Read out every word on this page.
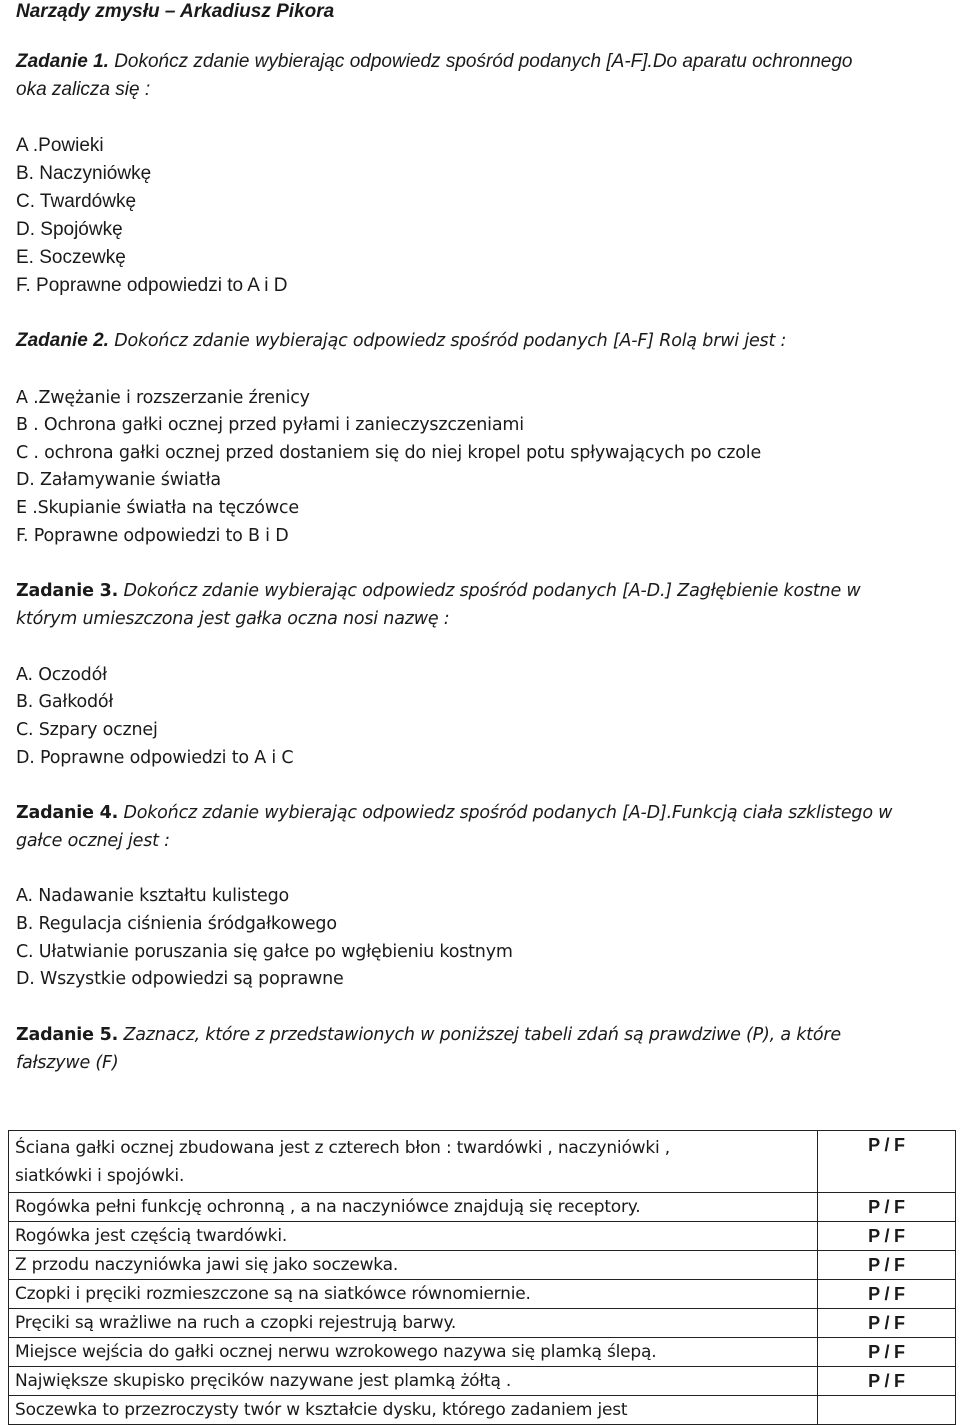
Narządy zmysłu – Arkadiusz Pikora
Zadanie 1. Dokończ zdanie wybierając odpowiedz spośród podanych [A-F].Do aparatu ochronnego
oka zalicza się :
A .Powieki
B. Naczyniówkę
C. Twardówkę
D. Spojówkę
E. Soczewkę
F. Poprawne odpowiedzi to A i D
Zadanie 2. Dokończ zdanie wybierając odpowiedz spośród podanych [A-F] Rolą brwi jest :
A .Zwężanie i rozszerzanie źrenicy
B . Ochrona gałki ocznej przed pyłami i zanieczyszczeniami
C . ochrona gałki ocznej przed dostaniem się do niej kropel potu spływających po czole
D. Załamywanie światła
E .Skupianie światła na tęczówce
F. Poprawne odpowiedzi to B i D
Zadanie 3. Dokończ zdanie wybierając odpowiedz spośród podanych [A-D.] Zagłębienie kostne w
którym umieszczona jest gałka oczna nosi nazwę :
A. Oczodół
B. Gałkodół
C. Szpary ocznej
D. Poprawne odpowiedzi to A i C
Zadanie 4. Dokończ zdanie wybierając odpowiedz spośród podanych [A-D].Funkcją ciała szklistego w
gałce ocznej jest :
A. Nadawanie kształtu kulistego
B. Regulacja ciśnienia śródgałkowego
C. Ułatwianie poruszania się gałce po wgłębieniu kostnym
D. Wszystkie odpowiedzi są poprawne
Zadanie 5. Zaznacz, które z przedstawionych w poniższej tabeli zdań są prawdziwe (P), a które
fałszywe (F)
Ściana gałki ocznej zbudowana jest z czterech błon : twardówki , naczyniówki ,
siatkówki i spojówki.	P / F
Rogówka pełni funkcję ochronną , a na naczyniówce znajdują się receptory.	P / F
Rogówka jest częścią twardówki.	P / F
Z przodu naczyniówka jawi się jako soczewka.	P / F
Czopki i pręciki rozmieszczone są na siatkówce równomiernie.	P / F
Pręciki są wrażliwe na ruch a czopki rejestrują barwy.	P / F
Miejsce wejścia do gałki ocznej nerwu wzrokowego nazywa się plamką ślepą.	P / F
Największe skupisko pręcików nazywane jest plamką żółtą .	P / F
Soczewka to przezroczysty twór w kształcie dysku, którego zadaniem jest	
